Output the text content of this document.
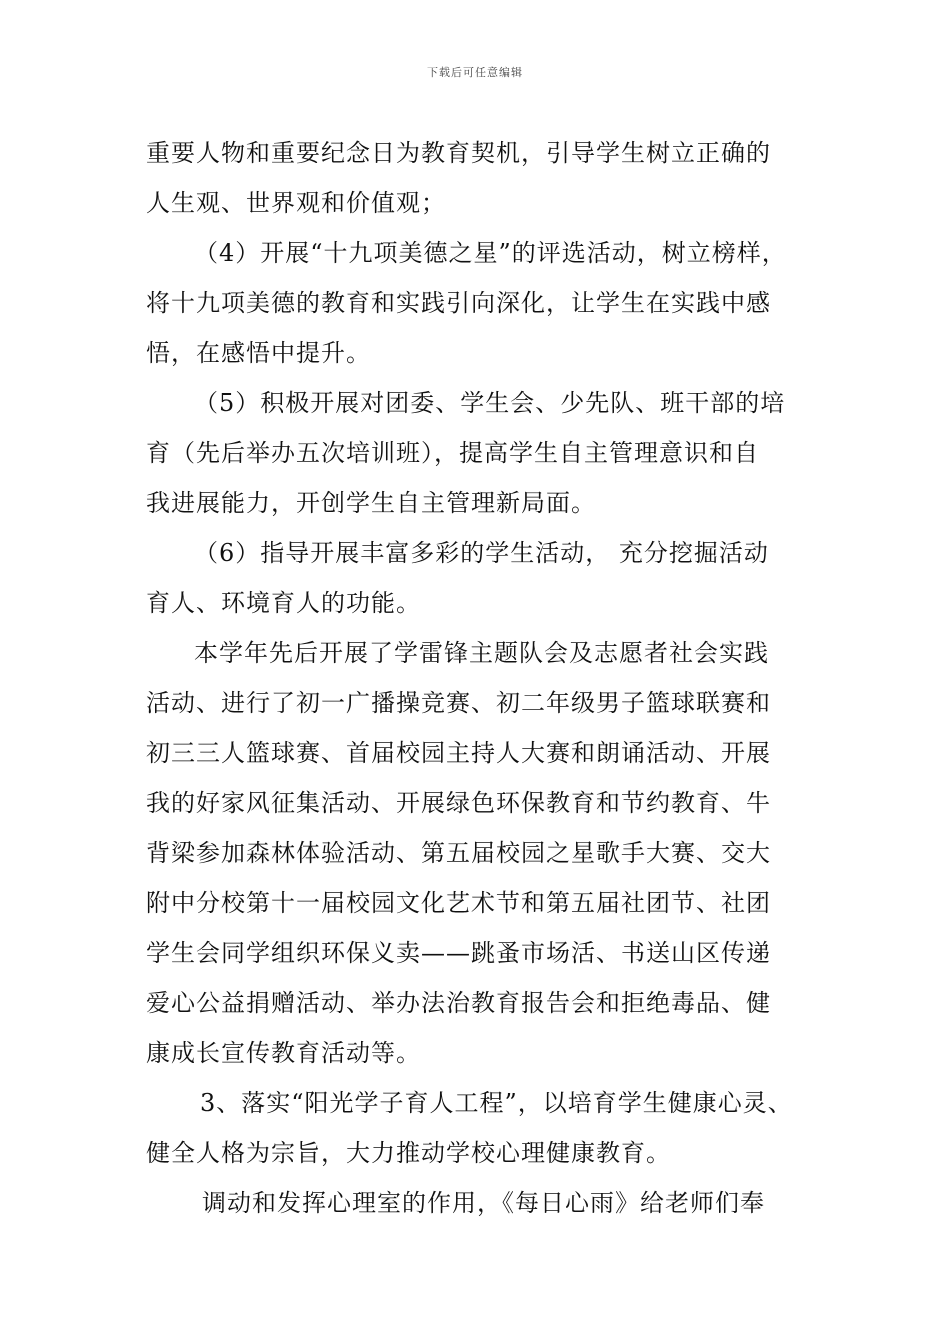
下载后可任意编辑
重要人物和重要纪念日为教育契机，引导学生树立正确的
人生观、世界观和价值观；
（4）开展“十九项美德之星”的评选活动，树立榜样，
将十九项美德的教育和实践引向深化，让学生在实践中感
悟，在感悟中提升。
（5）积极开展对团委、学生会、少先队、班干部的培
育（先后举办五次培训班），提高学生自主管理意识和自
我进展能力，开创学生自主管理新局面。
（6）指导开展丰富多彩的学生活动， 充分挖掘活动
育人、环境育人的功能。
本学年先后开展了学雷锋主题队会及志愿者社会实践
活动、进行了初一广播操竞赛、初二年级男子篮球联赛和
初三三人篮球赛、首届校园主持人大赛和朗诵活动、开展
我的好家风征集活动、开展绿色环保教育和节约教育、牛
背梁参加森林体验活动、第五届校园之星歌手大赛、交大
附中分校第十一届校园文化艺术节和第五届社团节、社团
学生会同学组织环保义卖——跳蚤市场活、书送山区传递
爱心公益捐赠活动、举办法治教育报告会和拒绝毒品、健
康成长宣传教育活动等。
3、落实“阳光学子育人工程”，以培育学生健康心灵、
健全人格为宗旨，大力推动学校心理健康教育。
调动和发挥心理室的作用，《每日心雨》给老师们奉
